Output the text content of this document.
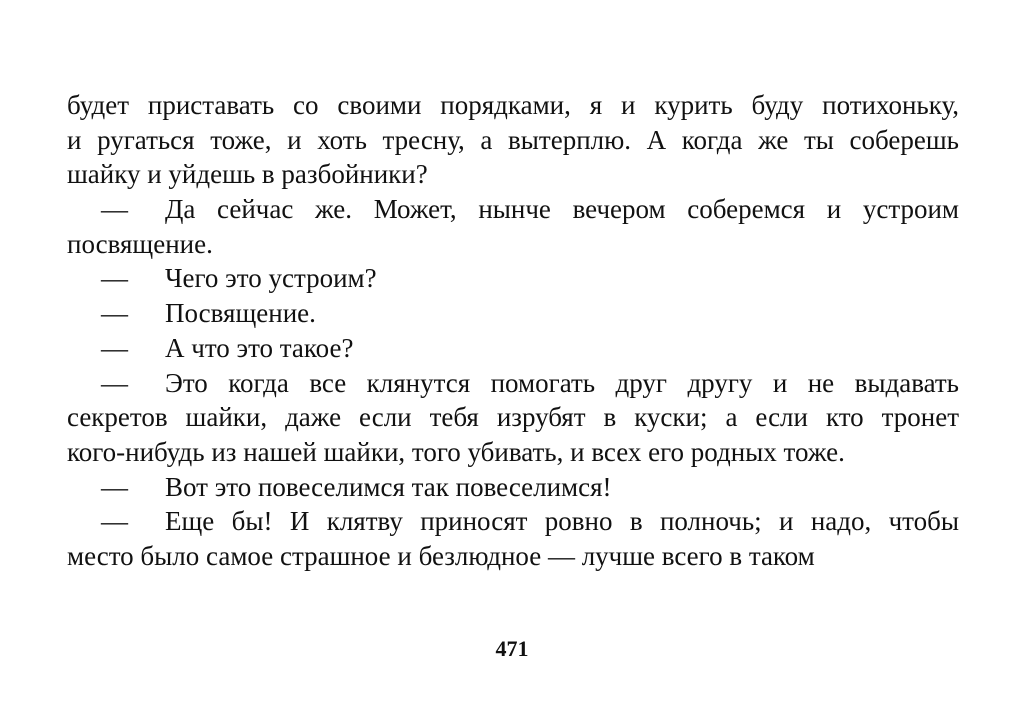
будет приставать со своими порядками, я и курить буду потихоньку,
и ругаться тоже, и хоть тресну, а вытерплю. А когда же ты соберешь
шайку и уйдешь в разбойники?
— Да сейчас же. Может, нынче вечером соберемся и устроим
посвящение.
— Чего это устроим?
— Посвящение.
— А что это такое?
— Это когда все клянутся помогать друг другу и не выдавать
секретов шайки, даже если тебя изрубят в куски; а если кто тронет
кого-нибудь из нашей шайки, того убивать, и всех его родных тоже.
— Вот это повеселимся так повеселимся!
— Еще бы! И клятву приносят ровно в полночь; и надо, чтобы
место было самое страшное и безлюдное — лучше всего в таком
471
